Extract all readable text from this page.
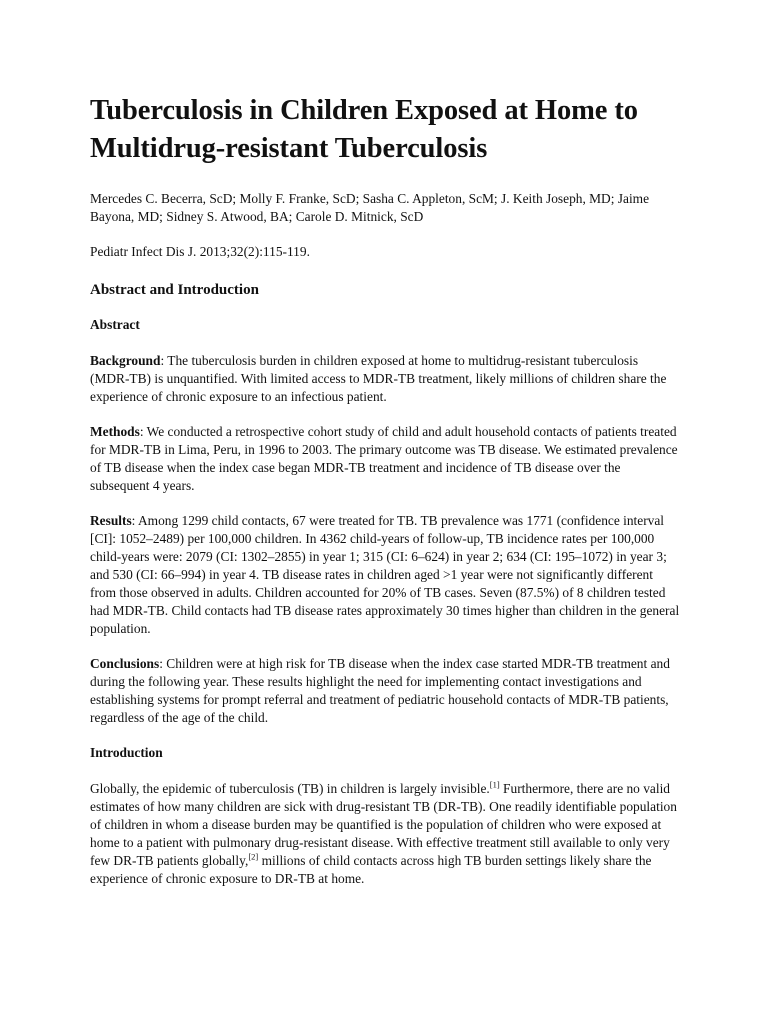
Tuberculosis in Children Exposed at Home to Multidrug-resistant Tuberculosis

Mercedes C. Becerra, ScD; Molly F. Franke, ScD; Sasha C. Appleton, ScM; J. Keith Joseph, MD; Jaime Bayona, MD; Sidney S. Atwood, BA; Carole D. Mitnick, ScD

Pediatr Infect Dis J. 2013;32(2):115-119.

Abstract and Introduction
Abstract

Background: The tuberculosis burden in children exposed at home to multidrug-resistant tuberculosis (MDR-TB) is unquantified. With limited access to MDR-TB treatment, likely millions of children share the experience of chronic exposure to an infectious patient.

Methods: We conducted a retrospective cohort study of child and adult household contacts of patients treated for MDR-TB in Lima, Peru, in 1996 to 2003. The primary outcome was TB disease. We estimated prevalence of TB disease when the index case began MDR-TB treatment and incidence of TB disease over the subsequent 4 years.

Results: Among 1299 child contacts, 67 were treated for TB. TB prevalence was 1771 (confidence interval [CI]: 1052–2489) per 100,000 children. In 4362 child-years of follow-up, TB incidence rates per 100,000 child-years were: 2079 (CI: 1302–2855) in year 1; 315 (CI: 6–624) in year 2; 634 (CI: 195–1072) in year 3; and 530 (CI: 66–994) in year 4. TB disease rates in children aged >1 year were not significantly different from those observed in adults. Children accounted for 20% of TB cases. Seven (87.5%) of 8 children tested had MDR-TB. Child contacts had TB disease rates approximately 30 times higher than children in the general population.

Conclusions: Children were at high risk for TB disease when the index case started MDR-TB treatment and during the following year. These results highlight the need for implementing contact investigations and establishing systems for prompt referral and treatment of pediatric household contacts of MDR-TB patients, regardless of the age of the child.

Introduction

Globally, the epidemic of tuberculosis (TB) in children is largely invisible.[1] Furthermore, there are no valid estimates of how many children are sick with drug-resistant TB (DR-TB). One readily identifiable population of children in whom a disease burden may be quantified is the population of children who were exposed at home to a patient with pulmonary drug-resistant disease. With effective treatment still available to only very few DR-TB patients globally,[2] millions of child contacts across high TB burden settings likely share the experience of chronic exposure to DR-TB at home.
